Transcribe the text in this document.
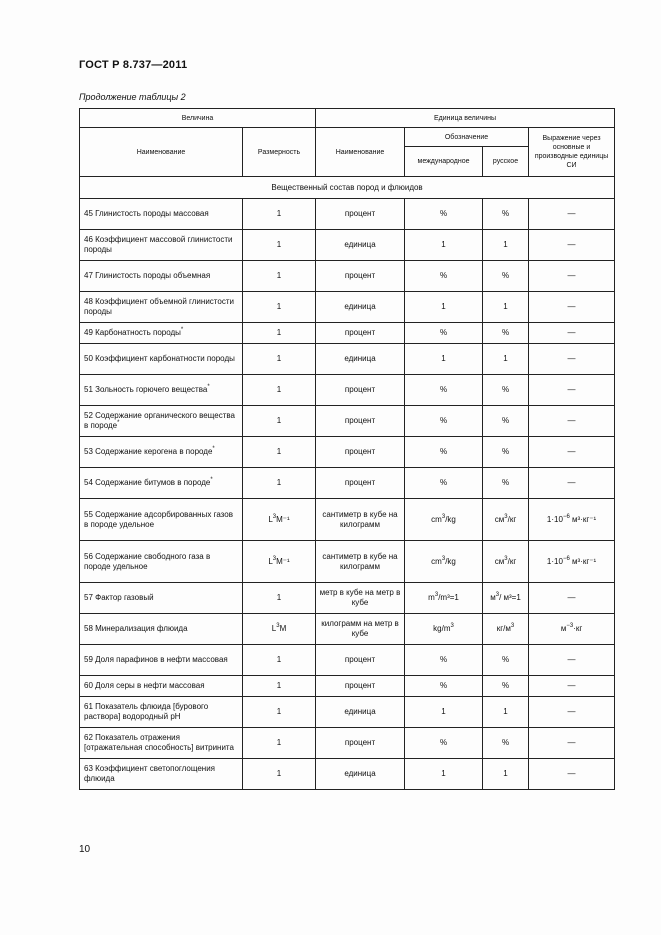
ГОСТ Р 8.737—2011
Продолжение таблицы 2
Величина		Единица величины			
Наименование	Размерность	Наименование	Обозначение		Выражение через основные и производные единицы СИ
			международное	русское	
Вещественный состав пород и флюидов					
45 Глинистость породы массовая	1	процент	%	%	—
46 Коэффициент массовой глинистости породы	1	единица	1	1	—
47 Глинистость породы объемная	1	процент	%	%	—
48 Коэффициент объемной глинистости породы	1	единица	1	1	—
49 Карбонатность породы*	1	процент	%	%	—
50 Коэффициент карбонатности породы	1	единица	1	1	—
51 Зольность горючего вещества*	1	процент	%	%	—
52 Содержание органического вещества в породе*	1	процент	%	%	—
53 Содержание керогена в породе*	1	процент	%	%	—
54 Содержание битумов в породе*	1	процент	%	%	—
55 Содержание адсорбированных газов в породе удельное	$L^3M^{-1}$	сантиметр в кубе на килограмм	$cm^3/kg$	$см^3/кг$	$1\cdot 10^{-6}$ м³·кг⁻¹
56 Содержание свободного газа в породе удельное	$L^3M^{-1}$	сантиметр в кубе на килограмм	$cm^3/kg$	$см^3/кг$	$1\cdot 10^{-6}$ м³·кг⁻¹
57 Фактор газовый	1	метр в кубе на метр в кубе	$m^3/m^3=1$	$м^3/$ м³=1	—
58 Минерализация флюида	$L^3M$	килограмм на метр в кубе	$kg/m^3$	$кг/м^3$	$м^{-3}\cdot кг$
59 Доля парафинов в нефти массовая	1	процент	%	%	—
60 Доля серы в нефти массовая	1	процент	%	%	—
61 Показатель флюида [бурового раствора] водородный pH	1	единица	1	1	—
62 Показатель отражения [отражательная способность] витринита	1	процент	%	%	—
63 Коэффициент светопоглощения флюида	1	единица	1	1	—
10
